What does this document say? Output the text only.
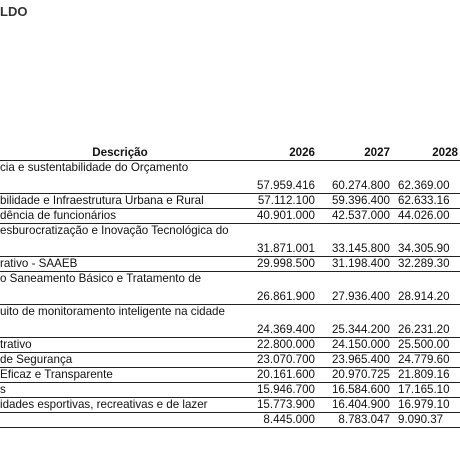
LDO
Descrição	2026	2027	2028
cia e sustentabilidade do Orçamento	57.959.416	60.274.800	62.369.00
bilidade e Infraestrutura Urbana e Rural	57.112.100	59.396.400	62.633.16
dência de funcionários	40.901.000	42.537.000	44.026.00
esburocratização e Inovação Tecnológica do	31.871.001	33.145.800	34.305.90
rativo - SAAEB	29.998.500	31.198.400	32.289.30
o Saneamento Básico e Tratamento de	26.861.900	27.936.400	28.914.20
uito de monitoramento inteligente na cidade	24.369.400	25.344.200	26.231.20
trativo	22.800.000	24.150.000	25.500.00
de Segurança	23.070.700	23.965.400	24.779.60
Eficaz e Transparente	20.161.600	20.970.725	21.809.16
s	15.946.700	16.584.600	17.165.10
idades esportivas, recreativas e de lazer	15.773.900	16.404.900	16.979.10
	8.445.000	8.783.047	9.090.37
